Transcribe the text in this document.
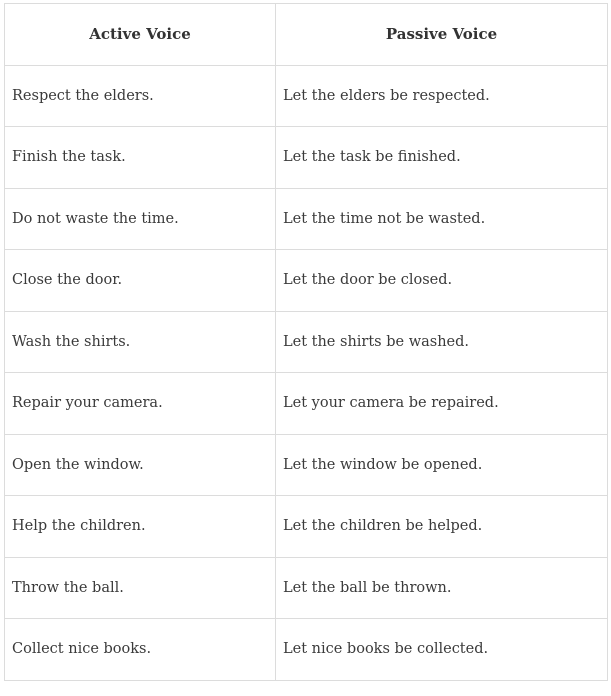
Active Voice	Passive Voice
Respect the elders.	Let the elders be respected.
Finish the task.	Let the task be finished.
Do not waste the time.	Let the time not be wasted.
Close the door.	Let the door be closed.
Wash the shirts.	Let the shirts be washed.
Repair your camera.	Let your camera be repaired.
Open the window.	Let the window be opened.
Help the children.	Let the children be helped.
Throw the ball.	Let the ball be thrown.
Collect nice books.	Let nice books be collected.
